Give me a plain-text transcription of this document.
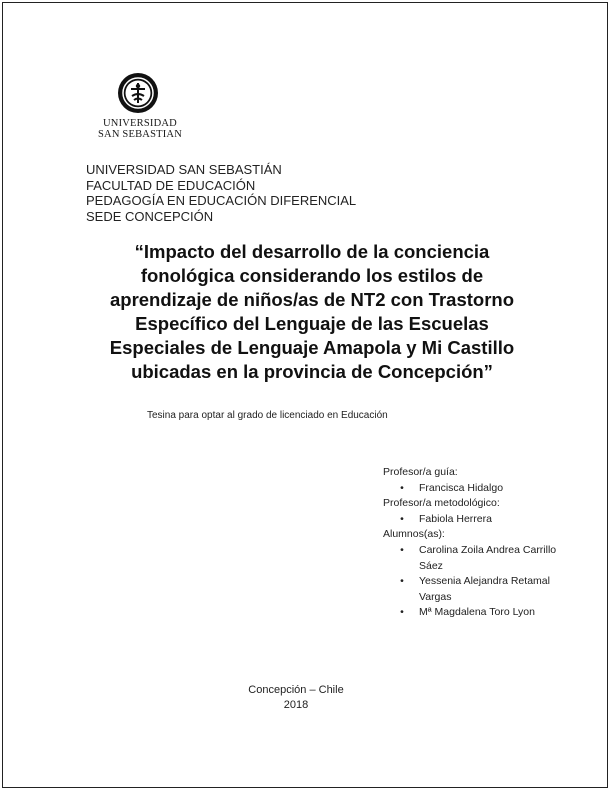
UNIVERSIDAD
SAN SEBASTIAN
UNIVERSIDAD SAN SEBASTIÁN
FACULTAD DE EDUCACIÓN
PEDAGOGÍA EN EDUCACIÓN DIFERENCIAL
SEDE CONCEPCIÓN
“Impacto del desarrollo de la conciencia
fonológica considerando los estilos de
aprendizaje de niños/as de NT2 con Trastorno
Específico del Lenguaje de las Escuelas
Especiales de Lenguaje Amapola y Mi Castillo
ubicadas en la provincia de Concepción”
Tesina para optar al grado de licenciado en Educación
Profesor/a guía:
•	Francisca Hidalgo
Profesor/a metodológico:
•	Fabiola Herrera
Alumnos(as):
•	Carolina Zoila Andrea Carrillo
Sáez
•	Yessenia Alejandra Retamal
Vargas
•	Mª Magdalena Toro Lyon
Concepción – Chile
2018
